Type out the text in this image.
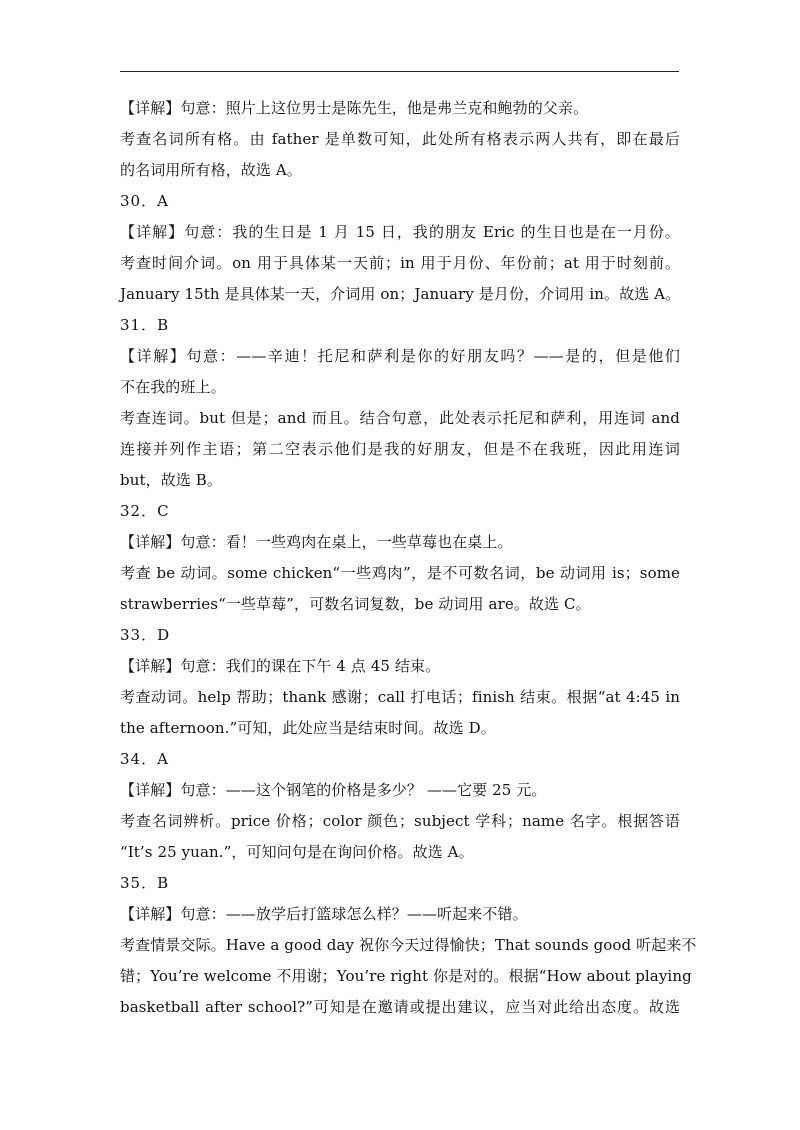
【详解】句意：照片上这位男士是陈先生，他是弗兰克和鲍勃的父亲。
考查名词所有格。由 father 是单数可知，此处所有格表示两人共有，即在最后
的名词用所有格，故选 A。
30．A
【详解】句意：我的生日是 1 月 15 日，我的朋友 Eric 的生日也是在一月份。
考查时间介词。on 用于具体某一天前；in 用于月份、年份前；at 用于时刻前。
January 15th 是具体某一天，介词用 on；January 是月份，介词用 in。故选 A。
31．B
【详解】句意：——辛迪！托尼和萨利是你的好朋友吗？——是的，但是他们
不在我的班上。
考查连词。but 但是；and 而且。结合句意，此处表示托尼和萨利，用连词 and
连接并列作主语；第二空表示他们是我的好朋友，但是不在我班，因此用连词
but，故选 B。
32．C
【详解】句意：看！一些鸡肉在桌上，一些草莓也在桌上。
考查 be 动词。some chicken“一些鸡肉”，是不可数名词，be 动词用 is；some
strawberries“一些草莓”，可数名词复数，be 动词用 are。故选 C。
33．D
【详解】句意：我们的课在下午 4 点 45 结束。
考查动词。help 帮助；thank 感谢；call 打电话；finish 结束。根据“at 4:45 in
the afternoon.”可知，此处应当是结束时间。故选 D。
34．A
【详解】句意：——这个钢笔的价格是多少？ ——它要 25 元。
考查名词辨析。price 价格；color 颜色；subject 学科；name 名字。根据答语
“It’s 25 yuan.”，可知问句是在询问价格。故选 A。
35．B
【详解】句意：——放学后打篮球怎么样？——听起来不错。
考查情景交际。Have a good day 祝你今天过得愉快；That sounds good 听起来不
错；You’re welcome 不用谢；You’re right 你是对的。根据“How about playing
basketball after school?”可知是在邀请或提出建议，应当对此给出态度。故选
